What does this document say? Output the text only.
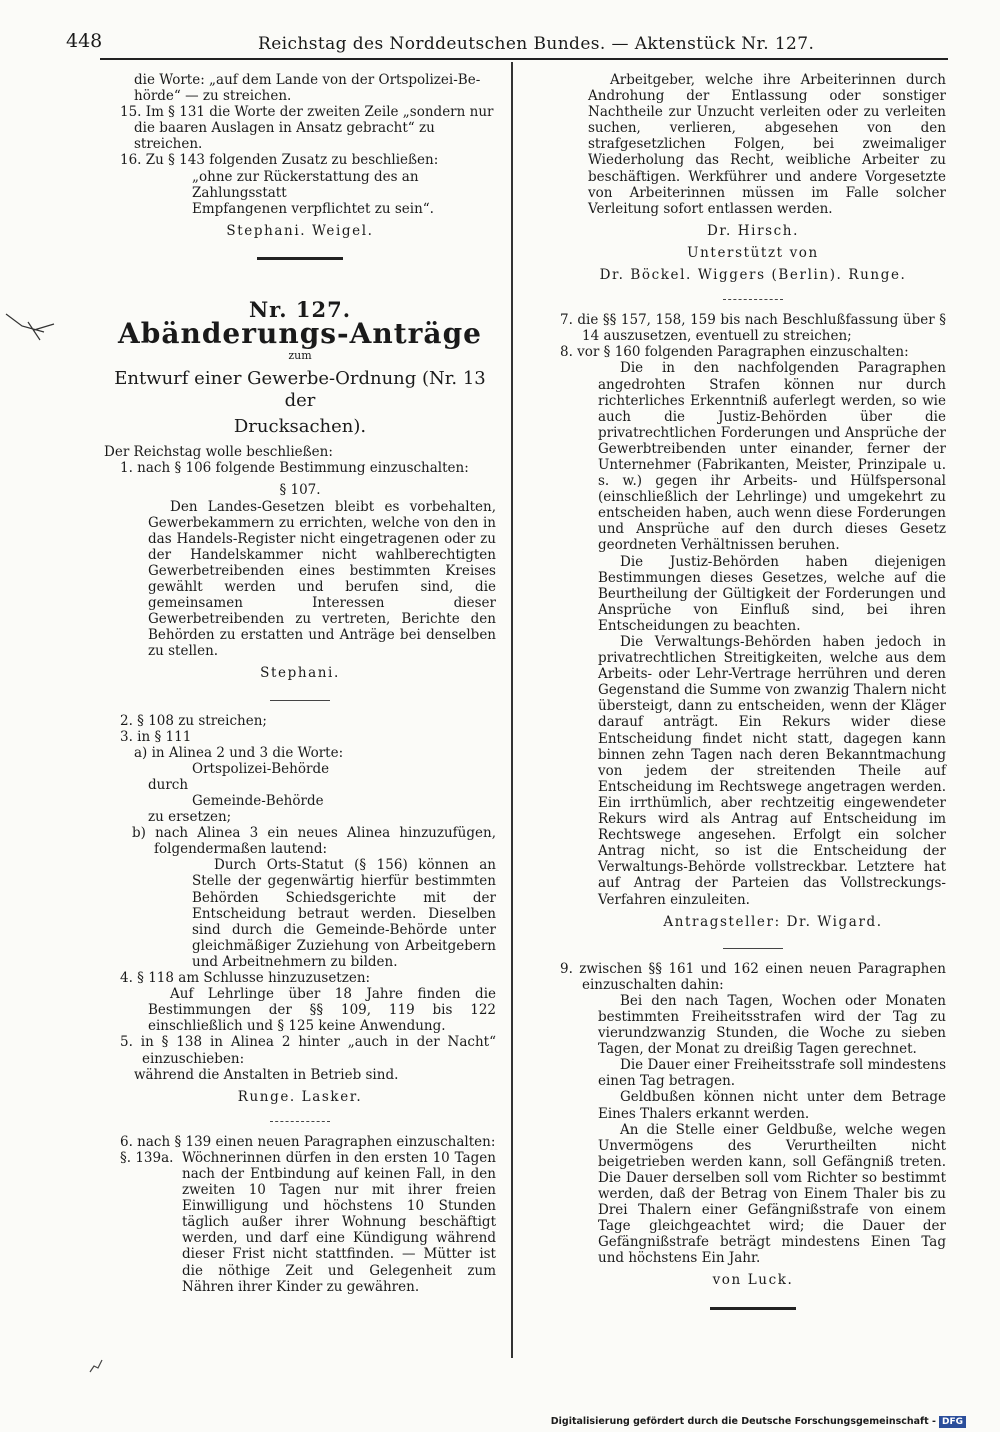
448	Reichstag des Norddeutschen Bundes. — Aktenstück Nr. 127.

die Worte: „auf dem Lande von der Ortspolizei-Be-

hörde“ — zu streichen.

15. Im § 131 die Worte der zweiten Zeile „sondern nur

die baaren Auslagen in Ansatz gebracht“ zu streichen.

16. Zu § 143 folgenden Zusatz zu beschließen:

„ohne zur Rückerstattung des an Zahlungsstatt

Empfangenen verpflichtet zu sein“.

Stephani. Weigel.

Nr. 127.

Abänderungs-Anträge

zum

Entwurf einer Gewerbe-Ordnung (Nr. 13 der

Drucksachen).

Der Reichstag wolle beschließen:

1. nach § 106 folgende Bestimmung einzuschalten:

§ 107.

Den Landes-Gesetzen bleibt es vorbehalten, Gewerbekammern zu errichten, welche von den in das Handels-Register nicht eingetragenen oder zu der Handelskammer nicht wahlberechtigten Gewerbetreibenden eines bestimmten Kreises gewählt werden und berufen sind, die gemeinsamen Interessen dieser Gewerbetreibenden zu vertreten, Berichte den Behörden zu erstatten und Anträge bei denselben zu stellen.

Stephani.

2. § 108 zu streichen;

3. in § 111

a) in Alinea 2 und 3 die Worte:

Ortspolizei-Behörde

durch

Gemeinde-Behörde

zu ersetzen;

b) nach Alinea 3 ein neues Alinea hinzuzufügen, folgendermaßen lautend:

Durch Orts-Statut (§ 156) können an Stelle der gegenwärtig hierfür bestimmten Behörden Schiedsgerichte mit der Entscheidung betraut werden. Dieselben sind durch die Gemeinde-Behörde unter gleichmäßiger Zuziehung von Arbeitgebern und Arbeitnehmern zu bilden.

4. § 118 am Schlusse hinzuzusetzen:

Auf Lehrlinge über 18 Jahre finden die Bestimmungen der §§ 109, 119 bis 122 einschließlich und § 125 keine Anwendung.

5. in § 138 in Alinea 2 hinter „auch in der Nacht“ einzuschieben:

während die Anstalten in Betrieb sind.

Runge. Lasker.

6. nach § 139 einen neuen Paragraphen einzuschalten:

§. 139a. Wöchnerinnen dürfen in den ersten 10 Tagen nach der Entbindung auf keinen Fall, in den zweiten 10 Tagen nur mit ihrer freien Einwilligung und höchstens 10 Stunden täglich außer ihrer Wohnung beschäftigt werden, und darf eine Kündigung während dieser Frist nicht stattfinden. — Mütter ist die nöthige Zeit und Gelegenheit zum Nähren ihrer Kinder zu gewähren.

Arbeitgeber, welche ihre Arbeiterinnen durch Androhung der Entlassung oder sonstiger Nachtheile zur Unzucht verleiten oder zu verleiten suchen, verlieren, abgesehen von den strafgesetzlichen Folgen, bei zweimaliger Wiederholung das Recht, weibliche Arbeiter zu beschäftigen. Werkführer und andere Vorgesetzte von Arbeiterinnen müssen im Falle solcher Verleitung sofort entlassen werden.

Dr. Hirsch.

Unterstützt von

Dr. Böckel. Wiggers (Berlin). Runge.

7. die §§ 157, 158, 159 bis nach Beschlußfassung über § 14 auszusetzen, eventuell zu streichen;

8. vor § 160 folgenden Paragraphen einzuschalten:

Die in den nachfolgenden Paragraphen angedrohten Strafen können nur durch richterliches Erkenntniß auferlegt werden, so wie auch die Justiz-Behörden über die privatrechtlichen Forderungen und Ansprüche der Gewerbtreibenden unter einander, ferner der Unternehmer (Fabrikanten, Meister, Prinzipale u. s. w.) gegen ihr Arbeits- und Hülfspersonal (einschließlich der Lehrlinge) und umgekehrt zu entscheiden haben, auch wenn diese Forderungen und Ansprüche auf den durch dieses Gesetz geordneten Verhältnissen beruhen.

Die Justiz-Behörden haben diejenigen Bestimmungen dieses Gesetzes, welche auf die Beurtheilung der Gültigkeit der Forderungen und Ansprüche von Einfluß sind, bei ihren Entscheidungen zu beachten.

Die Verwaltungs-Behörden haben jedoch in privatrechtlichen Streitigkeiten, welche aus dem Arbeits- oder Lehr-Vertrage herrühren und deren Gegenstand die Summe von zwanzig Thalern nicht übersteigt, dann zu entscheiden, wenn der Kläger darauf anträgt. Ein Rekurs wider diese Entscheidung findet nicht statt, dagegen kann binnen zehn Tagen nach deren Bekanntmachung von jedem der streitenden Theile auf Entscheidung im Rechtswege angetragen werden. Ein irrthümlich, aber rechtzeitig eingewendeter Rekurs wird als Antrag auf Entscheidung im Rechtswege angesehen. Erfolgt ein solcher Antrag nicht, so ist die Entscheidung der Verwaltungs-Behörde vollstreckbar. Letztere hat auf Antrag der Parteien das Vollstreckungs-Verfahren einzuleiten.

Antragsteller: Dr. Wigard.

9. zwischen §§ 161 und 162 einen neuen Paragraphen einzuschalten dahin:

Bei den nach Tagen, Wochen oder Monaten bestimmten Freiheitsstrafen wird der Tag zu vierundzwanzig Stunden, die Woche zu sieben Tagen, der Monat zu dreißig Tagen gerechnet.

Die Dauer einer Freiheitsstrafe soll mindestens einen Tag betragen.

Geldbußen können nicht unter dem Betrage Eines Thalers erkannt werden.

An die Stelle einer Geldbuße, welche wegen Unvermögens des Verurtheilten nicht beigetrieben werden kann, soll Gefängniß treten. Die Dauer derselben soll vom Richter so bestimmt werden, daß der Betrag von Einem Thaler bis zu Drei Thalern einer Gefängnißstrafe von einem Tage gleichgeachtet wird; die Dauer der Gefängnißstrafe beträgt mindestens Einen Tag und höchstens Ein Jahr.

von Luck.

Digitalisierung gefördert durch die Deutsche Forschungsgemeinschaft - DFG
